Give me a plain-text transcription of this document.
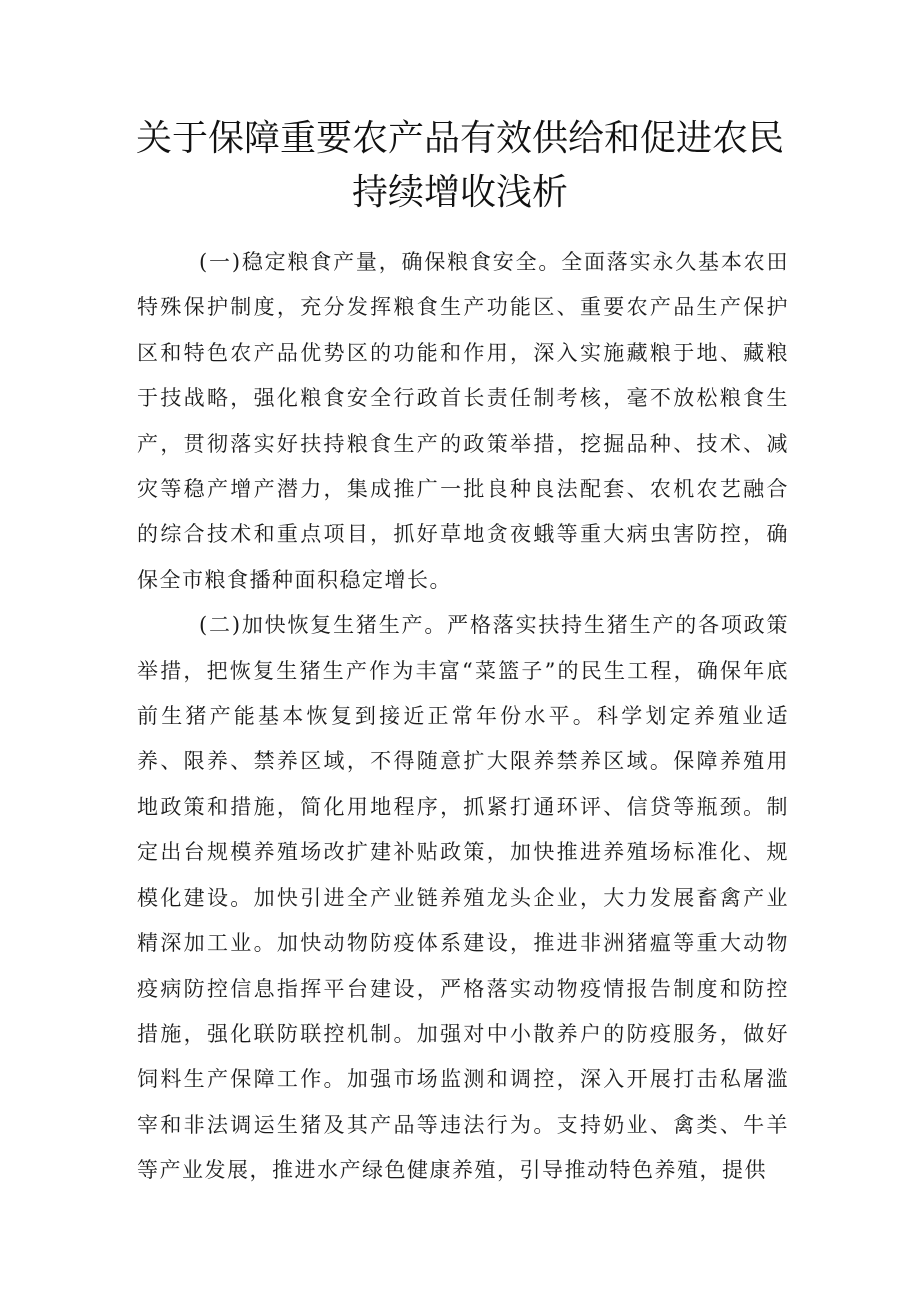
关于保障重要农产品有效供给和促进农民
持续增收浅析

(一)稳定粮食产量，确保粮食安全。全面落实永久基本农田特殊保护制度，充分发挥粮食生产功能区、重要农产品生产保护区和特色农产品优势区的功能和作用，深入实施藏粮于地、藏粮于技战略，强化粮食安全行政首长责任制考核，毫不放松粮食生产，贯彻落实好扶持粮食生产的政策举措，挖掘品种、技术、减灾等稳产增产潜力，集成推广一批良种良法配套、农机农艺融合的综合技术和重点项目，抓好草地贪夜蛾等重大病虫害防控，确保全市粮食播种面积稳定增长。

(二)加快恢复生猪生产。严格落实扶持生猪生产的各项政策举措，把恢复生猪生产作为丰富“菜篮子”的民生工程，确保年底前生猪产能基本恢复到接近正常年份水平。科学划定养殖业适养、限养、禁养区域，不得随意扩大限养禁养区域。保障养殖用地政策和措施，简化用地程序，抓紧打通环评、信贷等瓶颈。制定出台规模养殖场改扩建补贴政策，加快推进养殖场标准化、规模化建设。加快引进全产业链养殖龙头企业，大力发展畜禽产业精深加工业。加快动物防疫体系建设，推进非洲猪瘟等重大动物疫病防控信息指挥平台建设，严格落实动物疫情报告制度和防控措施，强化联防联控机制。加强对中小散养户的防疫服务，做好饲料生产保障工作。加强市场监测和调控，深入开展打击私屠滥宰和非法调运生猪及其产品等违法行为。支持奶业、禽类、牛羊等产业发展，推进水产绿色健康养殖，引导推动特色养殖，提供
